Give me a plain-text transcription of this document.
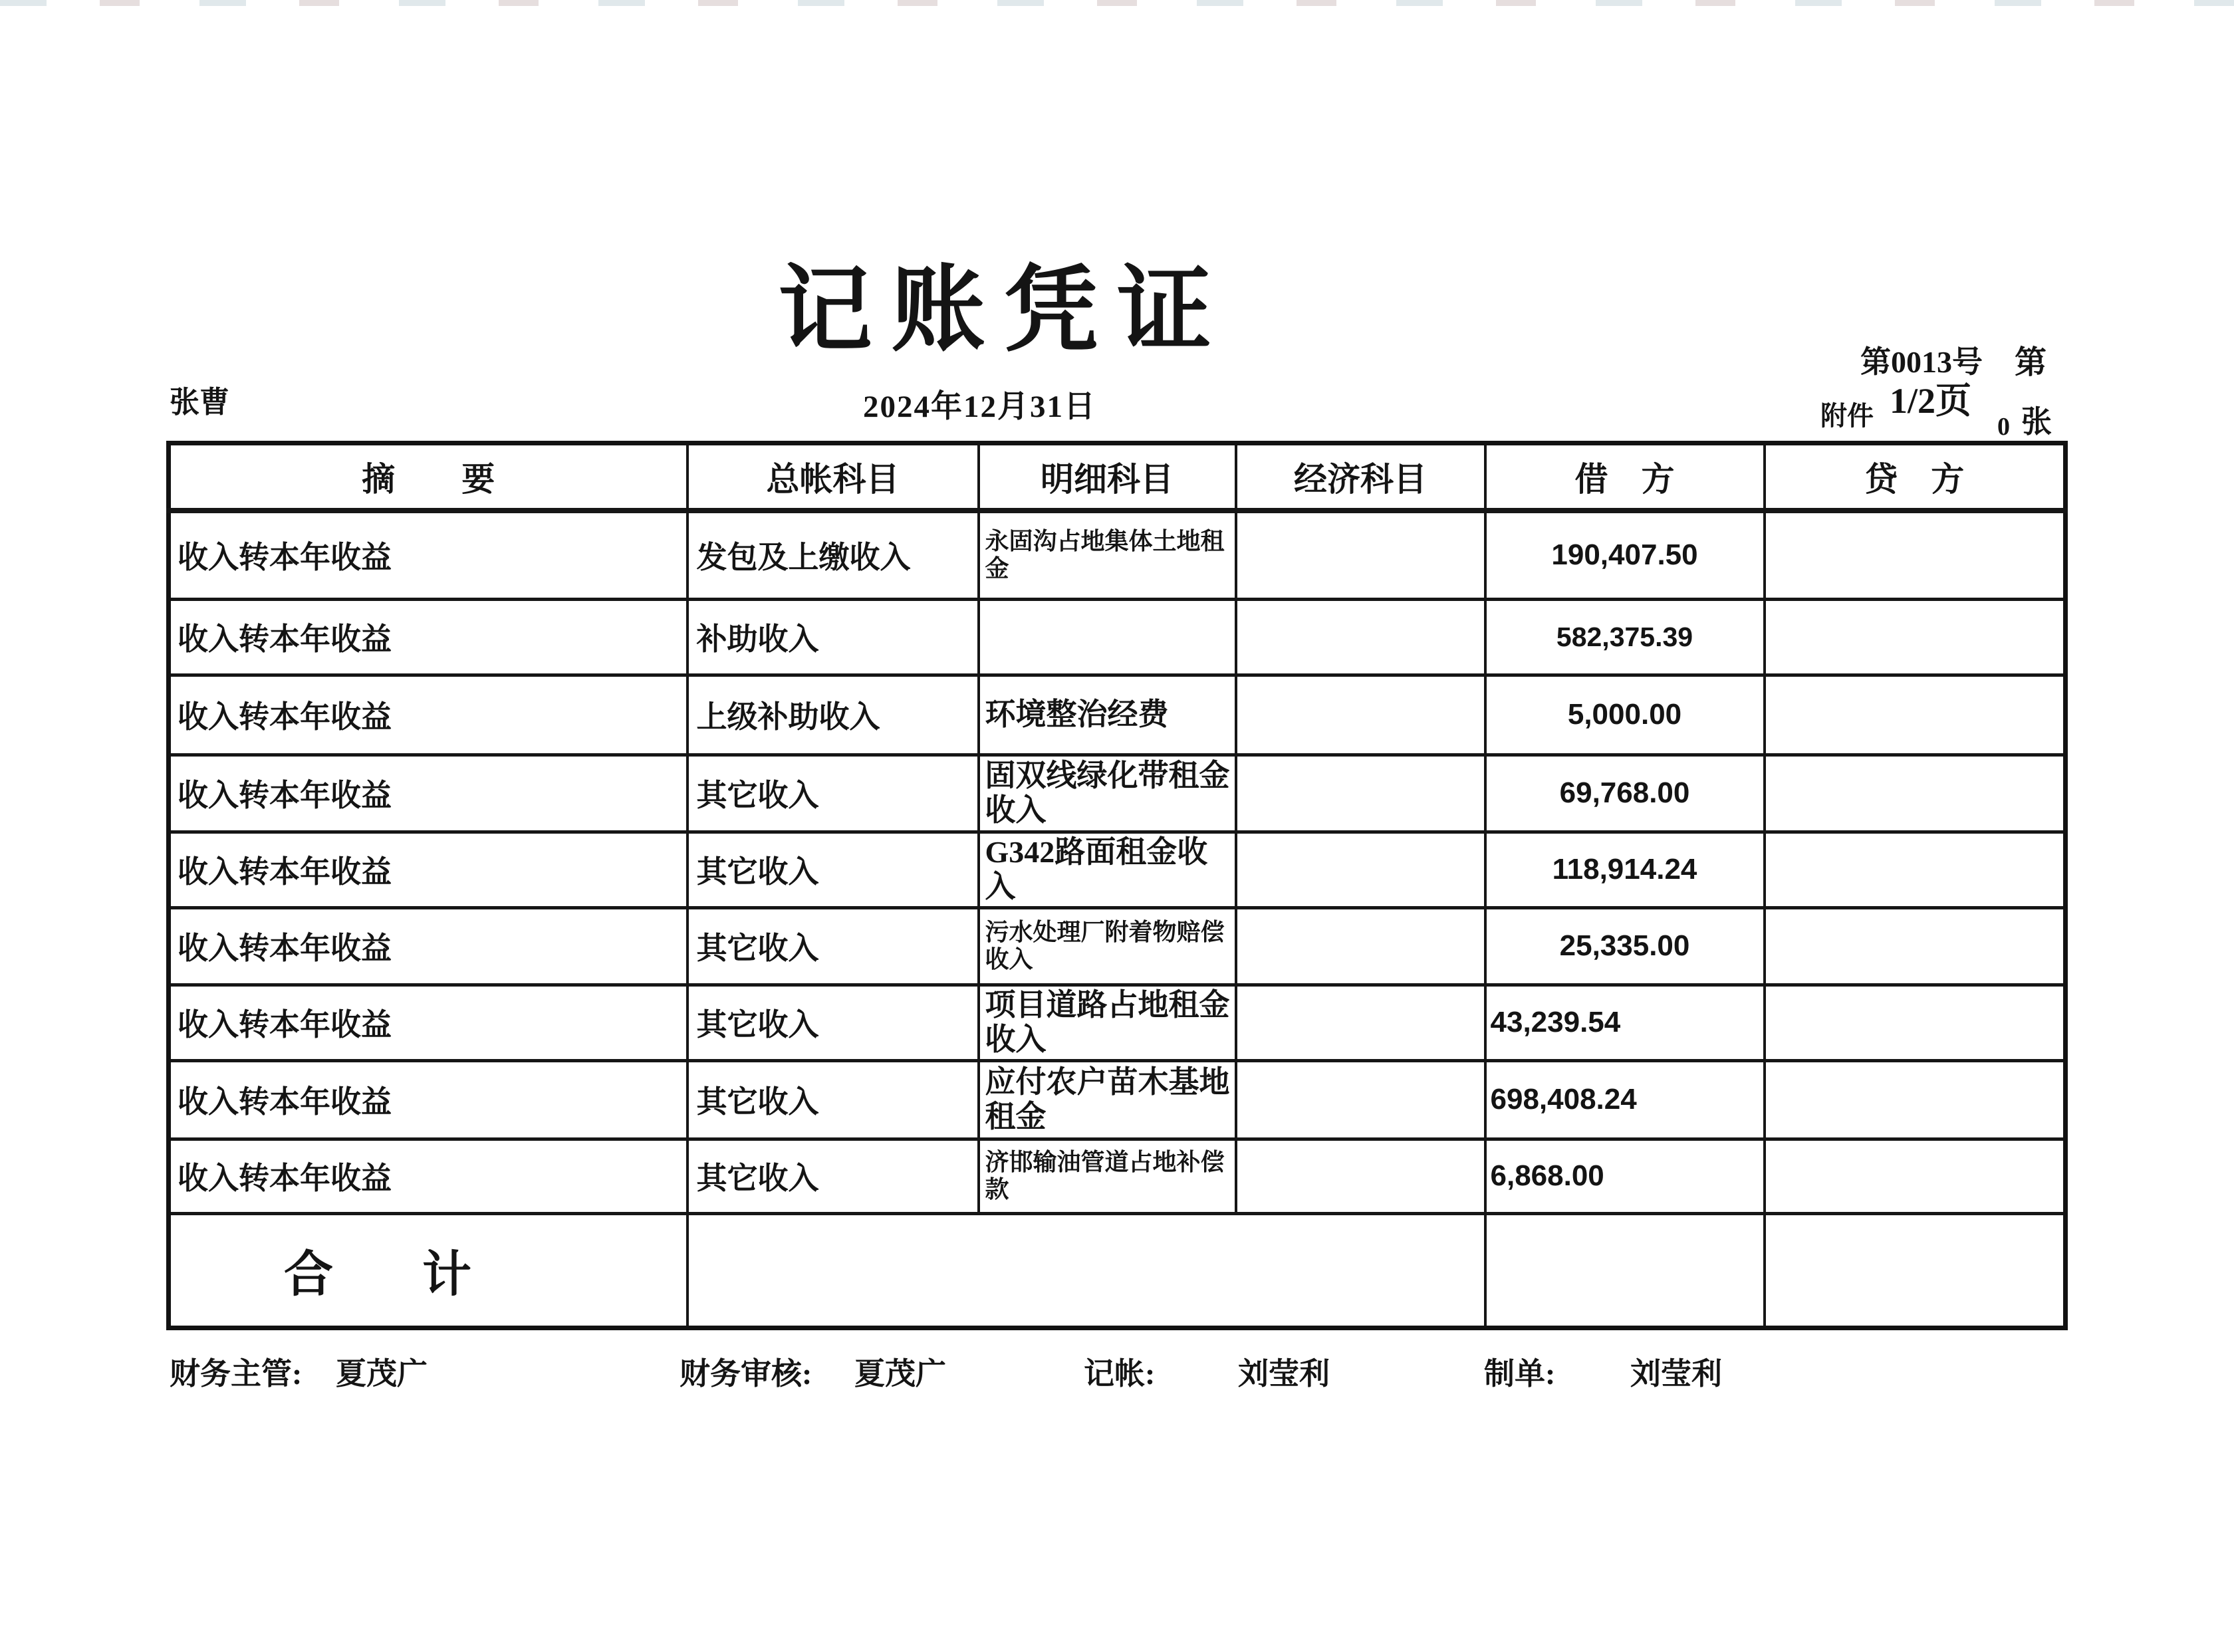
记账凭证
张曹	2024年12月31日
第0013号 第
附件 1/2页
0 张
摘　　要	总帐科目	明细科目	经济科目	借　方	贷　方
收入转本年收益	发包及上缴收入	永固沟占地集体土地租金		190,407.50	
收入转本年收益	补助收入			582,375.39	
收入转本年收益	上级补助收入	环境整治经费		5,000.00	
收入转本年收益	其它收入	固双线绿化带租金收入		69,768.00	
收入转本年收益	其它收入	G342路面租金收入		118,914.24	
收入转本年收益	其它收入	污水处理厂附着物赔偿收入		25,335.00	
收入转本年收益	其它收入	项目道路占地租金收入		43,239.54	
收入转本年收益	其它收入	应付农户苗木基地租金		698,408.24	
收入转本年收益	其它收入	济邯输油管道占地补偿款		6,868.00	
合　计					
财务主管: 夏茂广	财务审核: 夏茂广	记帐:	刘莹利	制单: 刘莹利
